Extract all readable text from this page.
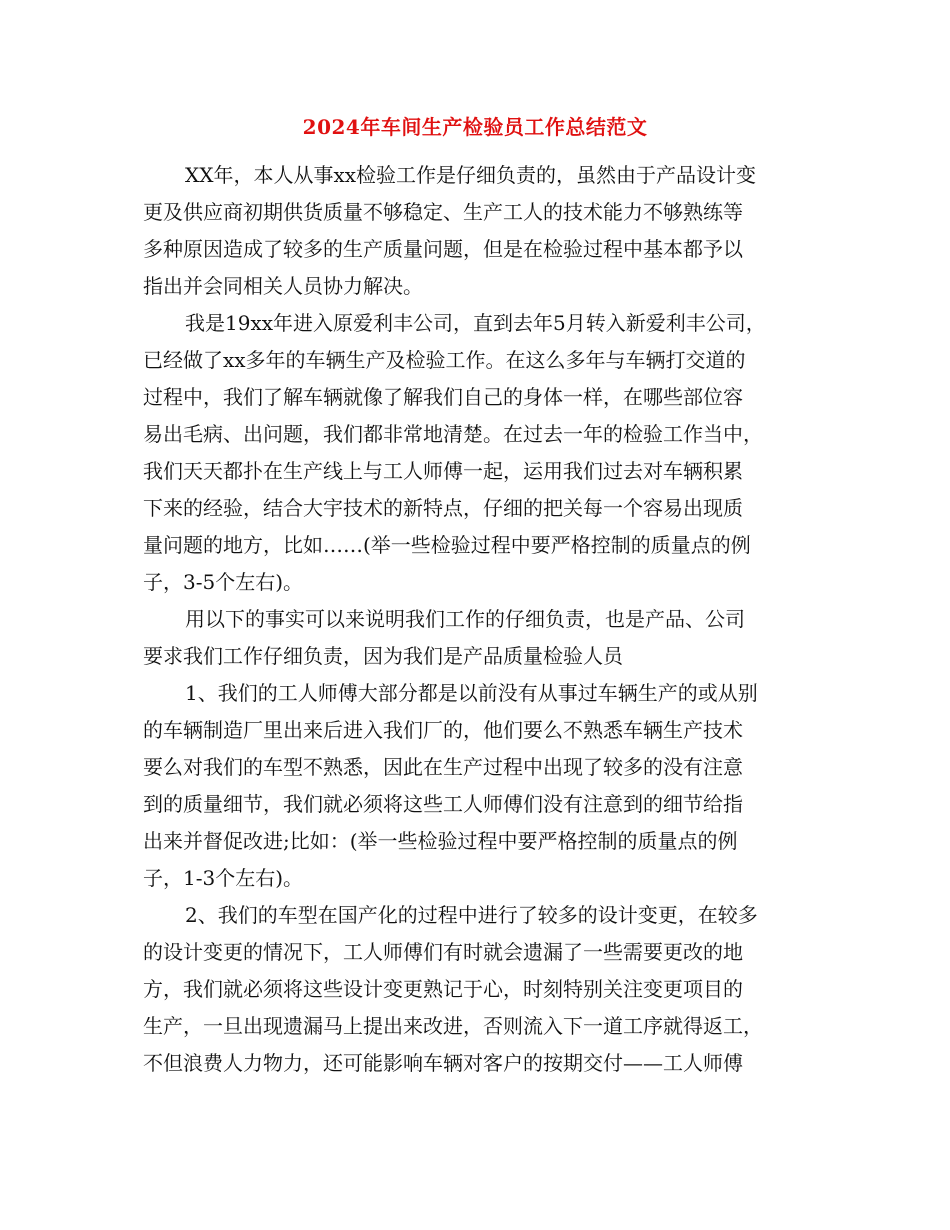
2024年车间生产检验员工作总结范文
XX年，本人从事xx检验工作是仔细负责的，虽然由于产品设计变
更及供应商初期供货质量不够稳定、生产工人的技术能力不够熟练等
多种原因造成了较多的生产质量问题，但是在检验过程中基本都予以
指出并会同相关人员协力解决。
我是19xx年进入原爱利丰公司，直到去年5月转入新爱利丰公司，
已经做了xx多年的车辆生产及检验工作。在这么多年与车辆打交道的
过程中，我们了解车辆就像了解我们自己的身体一样，在哪些部位容
易出毛病、出问题，我们都非常地清楚。在过去一年的检验工作当中，
我们天天都扑在生产线上与工人师傅一起，运用我们过去对车辆积累
下来的经验，结合大宇技术的新特点，仔细的把关每一个容易出现质
量问题的地方，比如……(举一些检验过程中要严格控制的质量点的例
子，3-5个左右)。
用以下的事实可以来说明我们工作的仔细负责，也是产品、公司
要求我们工作仔细负责，因为我们是产品质量检验人员
1、我们的工人师傅大部分都是以前没有从事过车辆生产的或从别
的车辆制造厂里出来后进入我们厂的，他们要么不熟悉车辆生产技术
要么对我们的车型不熟悉，因此在生产过程中出现了较多的没有注意
到的质量细节，我们就必须将这些工人师傅们没有注意到的细节给指
出来并督促改进;比如：(举一些检验过程中要严格控制的质量点的例
子，1-3个左右)。
2、我们的车型在国产化的过程中进行了较多的设计变更，在较多
的设计变更的情况下，工人师傅们有时就会遗漏了一些需要更改的地
方，我们就必须将这些设计变更熟记于心，时刻特别关注变更项目的
生产，一旦出现遗漏马上提出来改进，否则流入下一道工序就得返工，
不但浪费人力物力，还可能影响车辆对客户的按期交付——工人师傅
